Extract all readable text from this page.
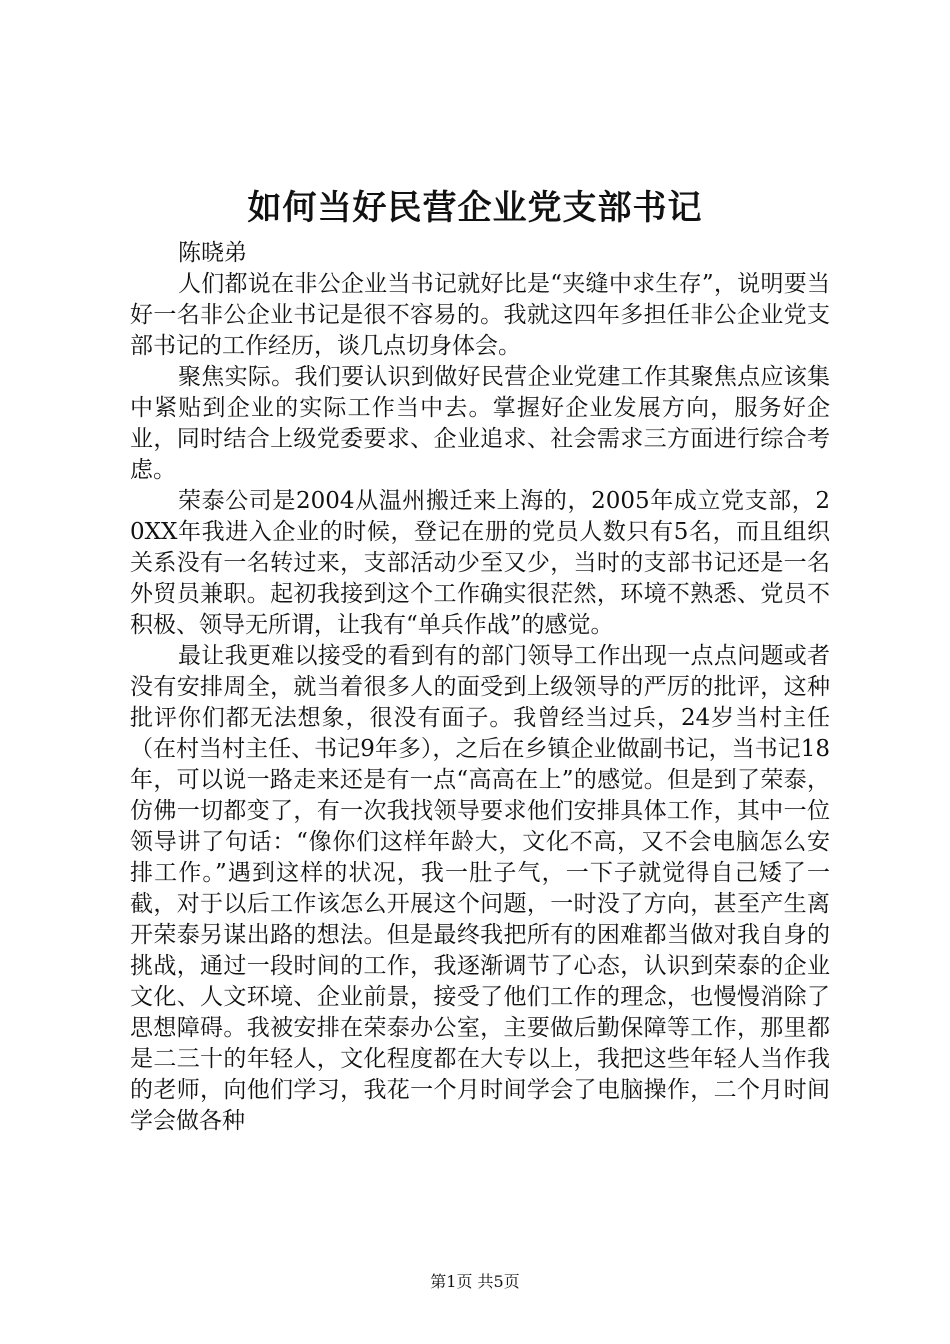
如何当好民营企业党支部书记

陈晓弟

人们都说在非公企业当书记就好比是“夹缝中求生存”，说明要当好一名非公企业书记是很不容易的。我就这四年多担任非公企业党支部书记的工作经历，谈几点切身体会。

聚焦实际。我们要认识到做好民营企业党建工作其聚焦点应该集中紧贴到企业的实际工作当中去。掌握好企业发展方向，服务好企业，同时结合上级党委要求、企业追求、社会需求三方面进行综合考虑。

荣泰公司是2004从温州搬迁来上海的，2005年成立党支部，20XX年我进入企业的时候，登记在册的党员人数只有5名，而且组织关系没有一名转过来，支部活动少至又少，当时的支部书记还是一名外贸员兼职。起初我接到这个工作确实很茫然，环境不熟悉、党员不积极、领导无所谓，让我有“单兵作战”的感觉。

最让我更难以接受的看到有的部门领导工作出现一点点问题或者没有安排周全，就当着很多人的面受到上级领导的严厉的批评，这种批评你们都无法想象，很没有面子。我曾经当过兵，24岁当村主任（在村当村主任、书记9年多），之后在乡镇企业做副书记，当书记18年，可以说一路走来还是有一点“高高在上”的感觉。但是到了荣泰，仿佛一切都变了，有一次我找领导要求他们安排具体工作，其中一位领导讲了句话：“像你们这样年龄大，文化不高，又不会电脑怎么安排工作。”遇到这样的状况，我一肚子气，一下子就觉得自己矮了一截，对于以后工作该怎么开展这个问题，一时没了方向，甚至产生离开荣泰另谋出路的想法。但是最终我把所有的困难都当做对我自身的挑战，通过一段时间的工作，我逐渐调节了心态，认识到荣泰的企业文化、人文环境、企业前景，接受了他们工作的理念，也慢慢消除了思想障碍。我被安排在荣泰办公室，主要做后勤保障等工作，那里都是二三十的年轻人，文化程度都在大专以上，我把这些年轻人当作我的老师，向他们学习，我花一个月时间学会了电脑操作，二个月时间学会做各种

第1页 共5页
